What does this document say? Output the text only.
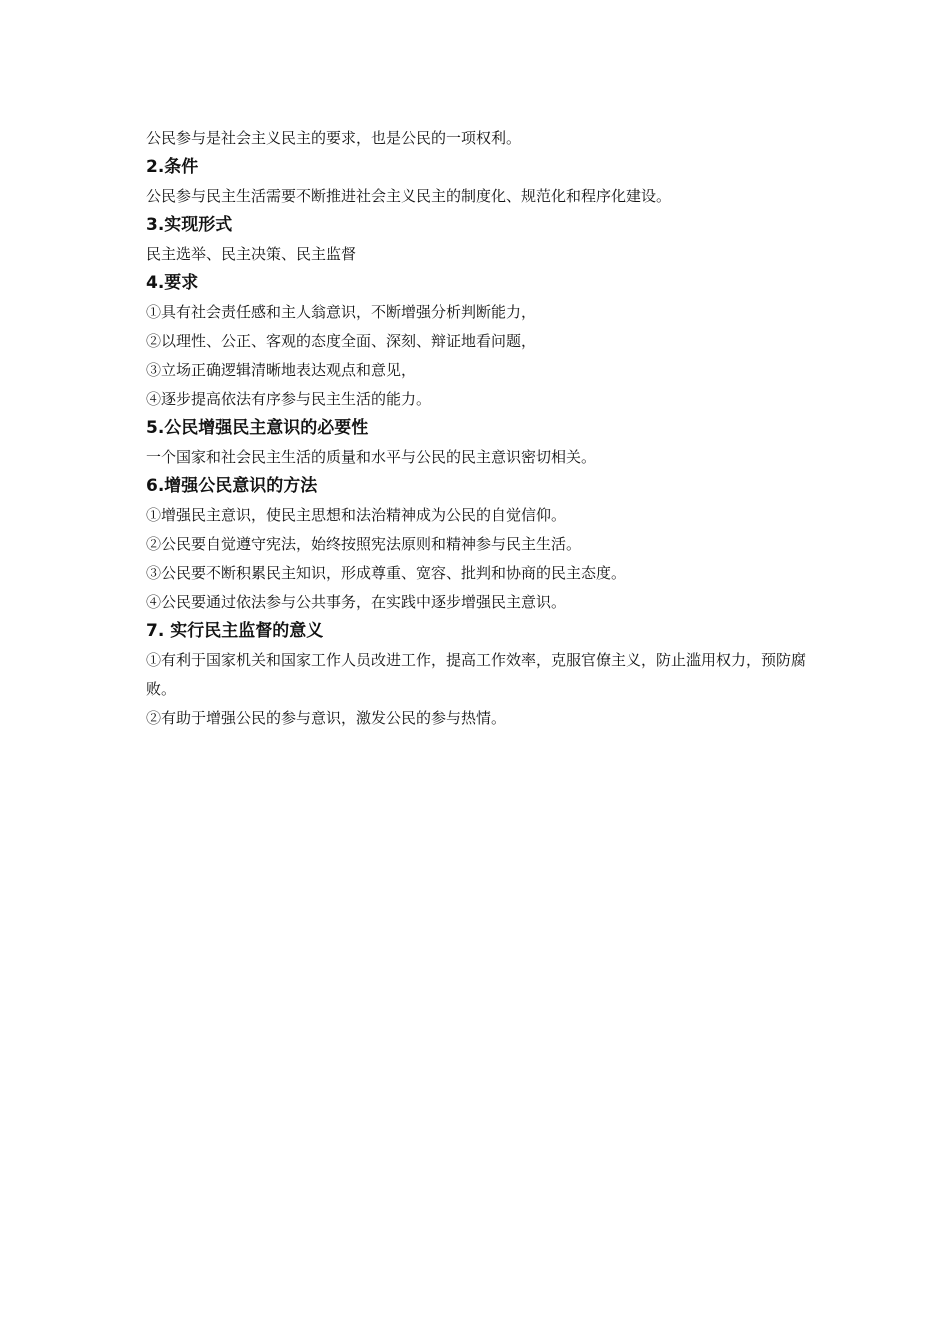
公民参与是社会主义民主的要求，也是公民的一项权利。

2.条件

公民参与民主生活需要不断推进社会主义民主的制度化、规范化和程序化建设。

3.实现形式

民主选举、民主决策、民主监督

4.要求

①具有社会责任感和主人翁意识，不断增强分析判断能力，

②以理性、公正、客观的态度全面、深刻、辩证地看问题，

③立场正确逻辑清晰地表达观点和意见，

④逐步提高依法有序参与民主生活的能力。

5.公民增强民主意识的必要性

一个国家和社会民主生活的质量和水平与公民的民主意识密切相关。

6.增强公民意识的方法

①增强民主意识，使民主思想和法治精神成为公民的自觉信仰。

②公民要自觉遵守宪法，始终按照宪法原则和精神参与民主生活。

③公民要不断积累民主知识，形成尊重、宽容、批判和协商的民主态度。

④公民要通过依法参与公共事务，在实践中逐步增强民主意识。

7. 实行民主监督的意义

①有利于国家机关和国家工作人员改进工作，提高工作效率，克服官僚主义，防止滥用权力，预防腐败。

②有助于增强公民的参与意识，激发公民的参与热情。
